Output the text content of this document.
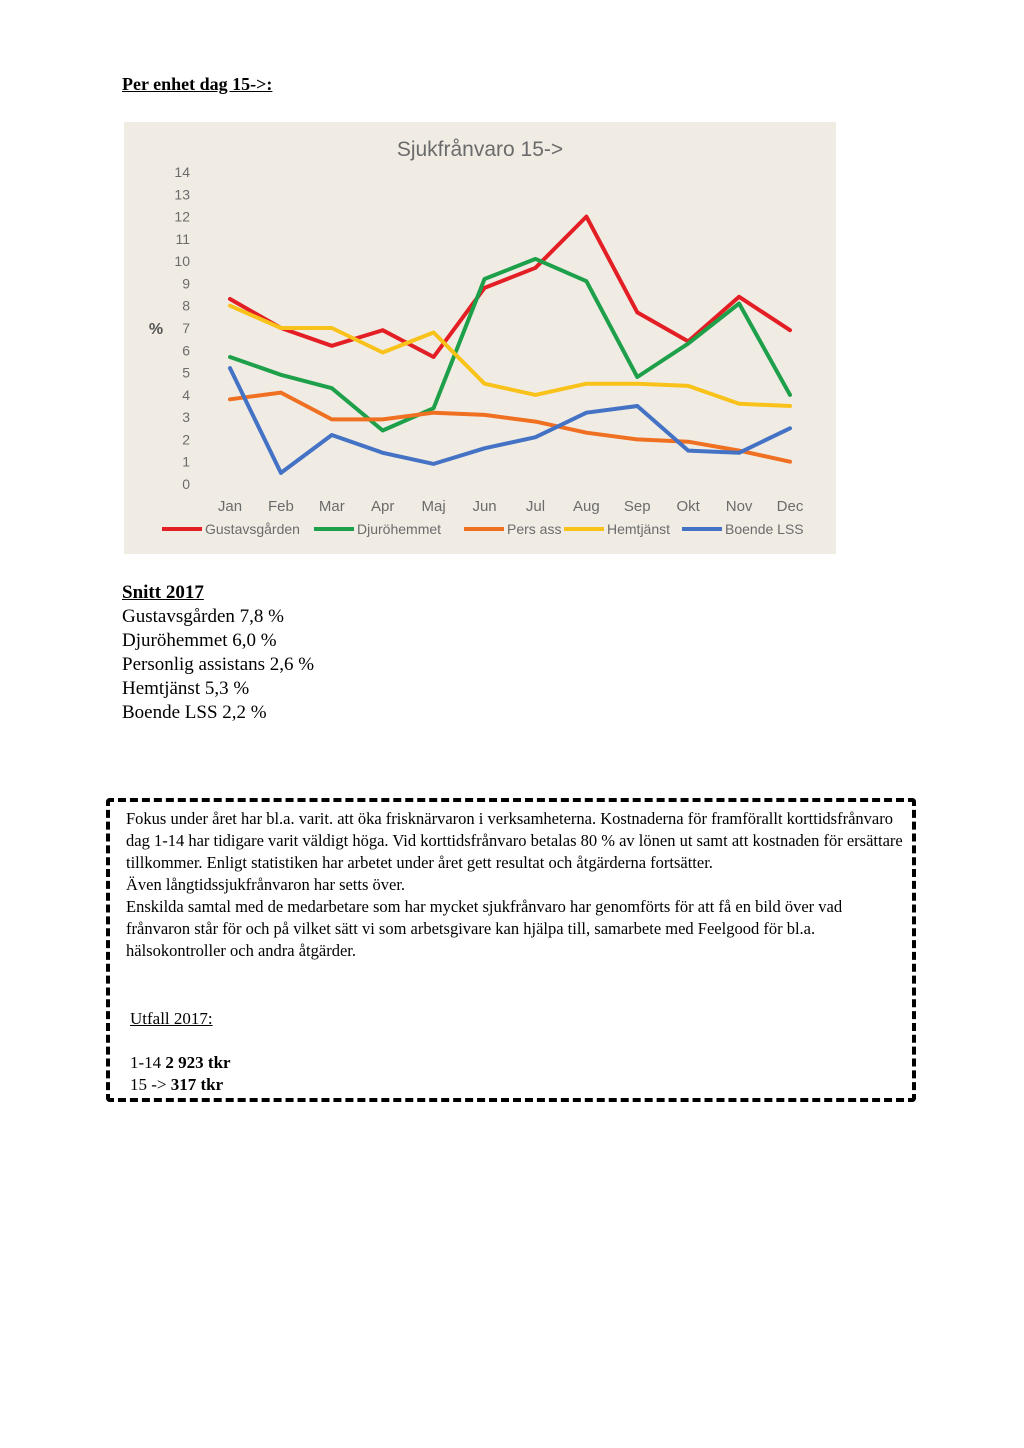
Per enhet dag 15->:
Sjukfrånvaro 15->
0
1
2
3
4
5
6
7
8
9
10
11
12
13
14
%
Jan Feb Mar Apr Maj Jun Jul Aug Sep Okt Nov Dec
Gustavsgården	Djuröhemmet	Pers ass	Hemtjänst	Boende LSS
Snitt 2017
Gustavsgården 7,8 %
Djuröhemmet 6,0 %
Personlig assistans 2,6 %
Hemtjänst 5,3 %
Boende LSS 2,2 %

Fokus under året har bl.a. varit. att öka frisknärvaron i verksamheterna. Kostnaderna för framförallt korttidsfrånvaro dag 1-14 har tidigare varit väldigt höga. Vid korttidsfrånvaro betalas 80 % av lönen ut samt att kostnaden för ersättare tillkommer. Enligt statistiken har arbetet under året gett resultat och åtgärderna fortsätter.

Även långtidssjukfrånvaron har setts över.

Enskilda samtal med de medarbetare som har mycket sjukfrånvaro har genomförts för att få en bild över vad frånvaron står för och på vilket sätt vi som arbetsgivare kan hjälpa till, samarbete med Feelgood för bl.a. hälsokontroller och andra åtgärder.

Utfall 2017:
1-14 2 923 tkr
15 -> 317 tkr
